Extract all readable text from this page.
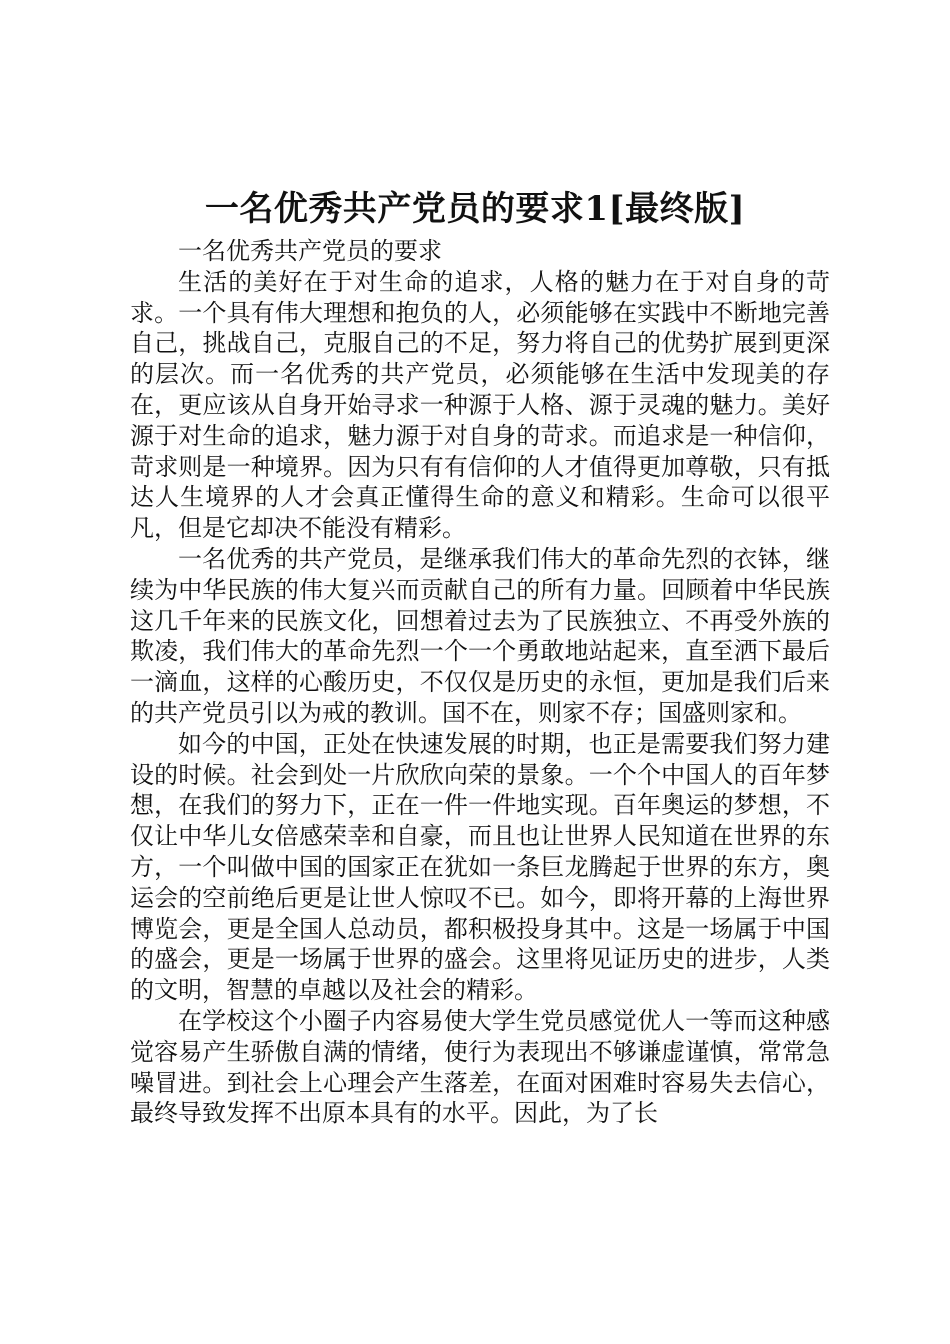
一名优秀共产党员的要求1[最终版]

一名优秀共产党员的要求

生活的美好在于对生命的追求，人格的魅力在于对自身的苛求。一个具有伟大理想和抱负的人，必须能够在实践中不断地完善自己，挑战自己，克服自己的不足，努力将自己的优势扩展到更深的层次。而一名优秀的共产党员，必须能够在生活中发现美的存在，更应该从自身开始寻求一种源于人格、源于灵魂的魅力。美好源于对生命的追求，魅力源于对自身的苛求。而追求是一种信仰，苛求则是一种境界。因为只有有信仰的人才值得更加尊敬，只有抵达人生境界的人才会真正懂得生命的意义和精彩。生命可以很平凡，但是它却决不能没有精彩。

一名优秀的共产党员，是继承我们伟大的革命先烈的衣钵，继续为中华民族的伟大复兴而贡献自己的所有力量。回顾着中华民族这几千年来的民族文化，回想着过去为了民族独立、不再受外族的欺凌，我们伟大的革命先烈一个一个勇敢地站起来，直至洒下最后一滴血，这样的心酸历史，不仅仅是历史的永恒，更加是我们后来的共产党员引以为戒的教训。国不在，则家不存；国盛则家和。

如今的中国，正处在快速发展的时期，也正是需要我们努力建设的时候。社会到处一片欣欣向荣的景象。一个个中国人的百年梦想，在我们的努力下，正在一件一件地实现。百年奥运的梦想，不仅让中华儿女倍感荣幸和自豪，而且也让世界人民知道在世界的东方，一个叫做中国的国家正在犹如一条巨龙腾起于世界的东方，奥运会的空前绝后更是让世人惊叹不已。如今，即将开幕的上海世界博览会，更是全国人总动员，都积极投身其中。这是一场属于中国的盛会，更是一场属于世界的盛会。这里将见证历史的进步，人类的文明，智慧的卓越以及社会的精彩。

在学校这个小圈子内容易使大学生党员感觉优人一等而这种感觉容易产生骄傲自满的情绪，使行为表现出不够谦虚谨慎，常常急噪冒进。到社会上心理会产生落差，在面对困难时容易失去信心，最终导致发挥不出原本具有的水平。因此，为了长
